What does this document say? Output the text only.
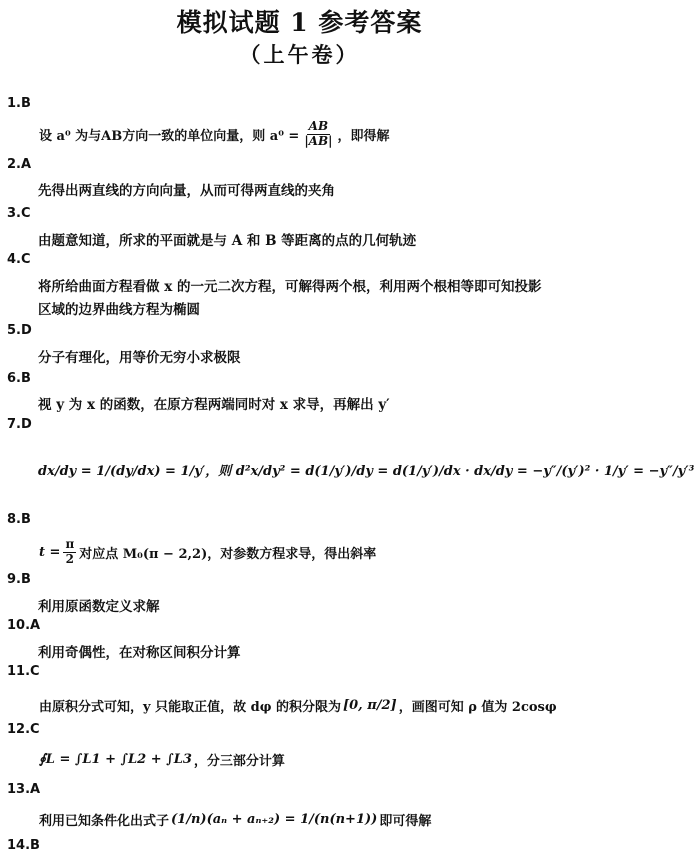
模拟试题 1 参考答案
（上午卷）
1.B
设 a⁰ 为与AB方向一致的单位向量，则 $a^0 = \frac{AB}{|AB|}$ ，即得解
2.A
先得出两直线的方向向量，从而可得两直线的夹角
3.C
由题意知道，所求的平面就是与 A 和 B 等距离的点的几何轨迹
4.C
将所给曲面方程看做 x 的一元二次方程，可解得两个根，利用两个根相等即可知投影
区域的边界曲线方程为椭圆
5.D
分子有理化，用等价无穷小求极限
6.B
视 y 为 x 的函数，在原方程两端同时对 x 求导，再解出 y′
7.D
dx/dy = 1/(dy/dx) = 1/y′，则 d²x/dy² = d(1/y′)/dy = d(1/y′)/dx · dx/dy = −y″/(y′)² · 1/y′ = −y″/y′³
8.B
$t = \frac{\pi}{2}$ 对应点 M₀(π − 2,2)，对参数方程求导，得出斜率
9.B
利用原函数定义求解
10.A
利用奇偶性，在对称区间积分计算
11.C
由原积分式可知，y 只能取正值，故 dφ 的积分限为 [0, π/2] ，画图可知 ρ 值为 2cosφ
12.C
∮L = ∫L1 + ∫L2 + ∫L3 ，分三部分计算
13.A
利用已知条件化出式子 (1/n)(aₙ + aₙ₊₂) = 1/(n(n+1)) 即可得解
14.B
